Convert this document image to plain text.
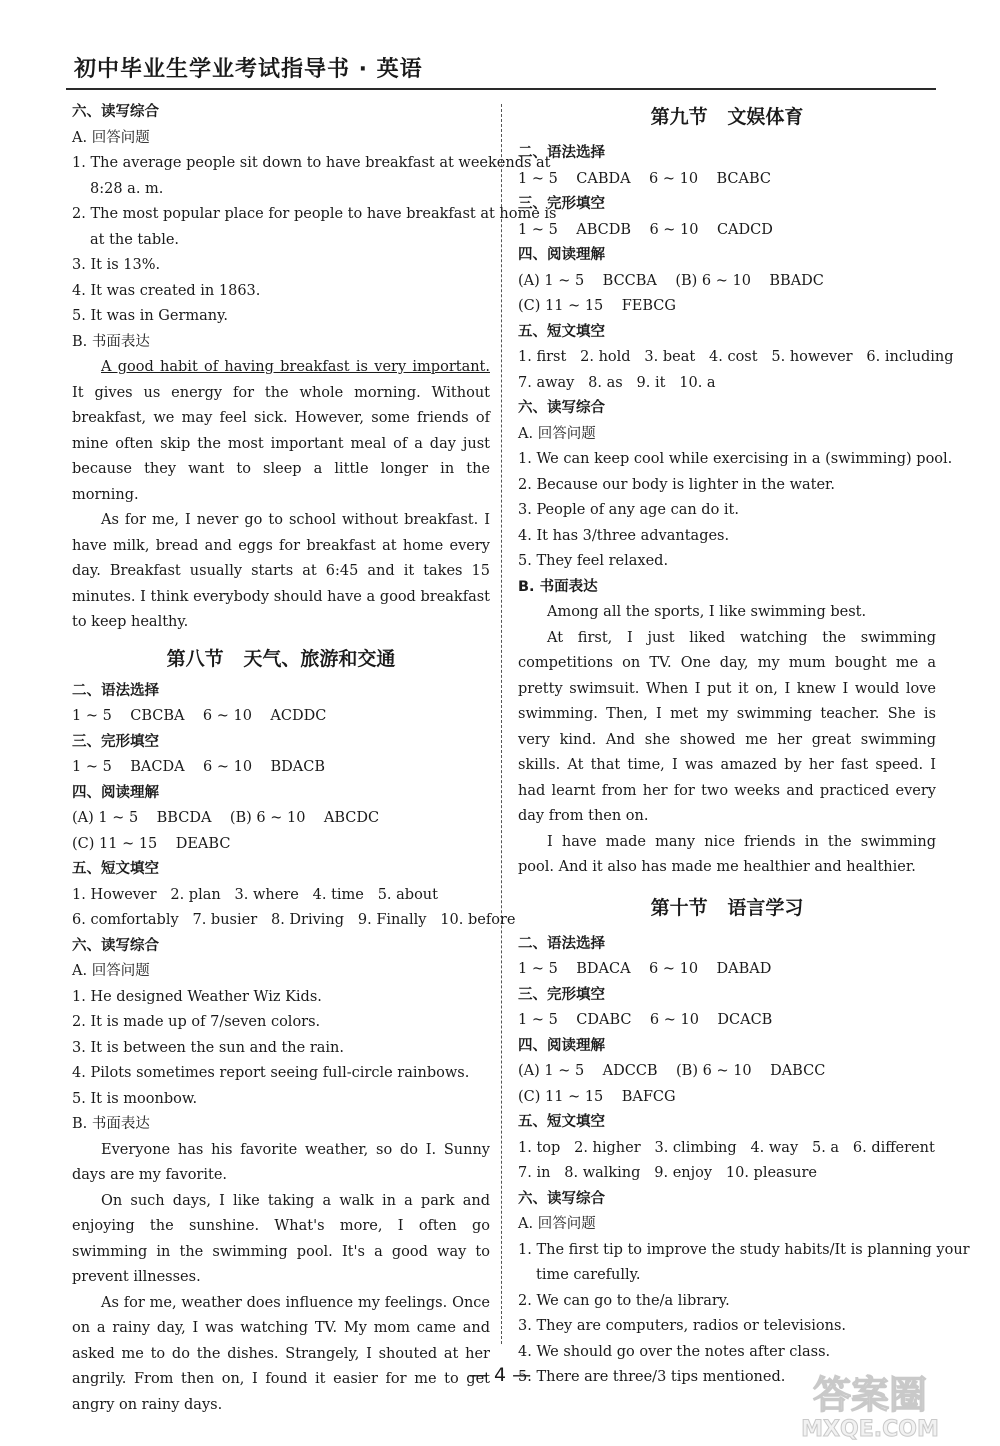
初中毕业生学业考试指导书 · 英语
六、读写综合
A. 回答问题
1. The average people sit down to have breakfast at weekends at
8:28 a. m.
2. The most popular place for people to have breakfast at home is
at the table.
3. It is 13%.
4. It was created in 1863.
5. It was in Germany.
B. 书面表达

A good habit of having breakfast is very important. It gives us energy for the whole morning. Without breakfast, we may feel sick. However, some friends of mine often skip the most important meal of a day just because they want to sleep a little longer in the morning.

As for me, I never go to school without breakfast. I have milk, bread and eggs for breakfast at home every day. Breakfast usually starts at 6:45 and it takes 15 minutes. I think everybody should have a good breakfast to keep healthy.

第八节   天气、旅游和交通
二、语法选择
1 ~ 5    CBCBA    6 ~ 10    ACDDC
三、完形填空
1 ~ 5    BACDA    6 ~ 10    BDACB
四、阅读理解
(A) 1 ~ 5    BBCDA    (B) 6 ~ 10    ABCDC
(C) 11 ~ 15    DEABC
五、短文填空
1. However   2. plan   3. where   4. time   5. about
6. comfortably   7. busier   8. Driving   9. Finally   10. before
六、读写综合
A. 回答问题
1. He designed Weather Wiz Kids.
2. It is made up of 7/seven colors.
3. It is between the sun and the rain.
4. Pilots sometimes report seeing full-circle rainbows.
5. It is moonbow.
B. 书面表达

Everyone has his favorite weather, so do I. Sunny days are my favorite.

On such days, I like taking a walk in a park and enjoying the sunshine. What's more, I often go swimming in the swimming pool. It's a good way to prevent illnesses.

As for me, weather does influence my feelings. Once on a rainy day, I was watching TV. My mom came and asked me to do the dishes. Strangely, I shouted at her angrily. From then on, I found it easier for me to get angry on rainy days.

第九节   文娱体育
二、语法选择
1 ~ 5    CABDA    6 ~ 10    BCABC
三、完形填空
1 ~ 5    ABCDB    6 ~ 10    CADCD
四、阅读理解
(A) 1 ~ 5    BCCBA    (B) 6 ~ 10    BBADC
(C) 11 ~ 15    FEBCG
五、短文填空
1. first   2. hold   3. beat   4. cost   5. however   6. including
7. away   8. as   9. it   10. a
六、读写综合
A. 回答问题
1. We can keep cool while exercising in a (swimming) pool.
2. Because our body is lighter in the water.
3. People of any age can do it.
4. It has 3/three advantages.
5. They feel relaxed.
B. 书面表达

Among all the sports, I like swimming best.

At first, I just liked watching the swimming competitions on TV. One day, my mum bought me a pretty swimsuit. When I put it on, I knew I would love swimming. Then, I met my swimming teacher. She is very kind. And she showed me her great swimming skills. At that time, I was amazed by her fast speed. I had learnt from her for two weeks and practiced every day from then on.

I have made many nice friends in the swimming pool. And it also has made me healthier and healthier.

第十节   语言学习
二、语法选择
1 ~ 5    BDACA    6 ~ 10    DABAD
三、完形填空
1 ~ 5    CDABC    6 ~ 10    DCACB
四、阅读理解
(A) 1 ~ 5    ADCCB    (B) 6 ~ 10    DABCC
(C) 11 ~ 15    BAFCG
五、短文填空
1. top   2. higher   3. climbing   4. way   5. a   6. different
7. in   8. walking   9. enjoy   10. pleasure
六、读写综合
A. 回答问题
1. The first tip to improve the study habits/It is planning your
time carefully.
2. We can go to the/a library.
3. They are computers, radios or televisions.
4. We should go over the notes after class.
5. There are three/3 tips mentioned.
— 4 —	答案圈
MXQE.COM
